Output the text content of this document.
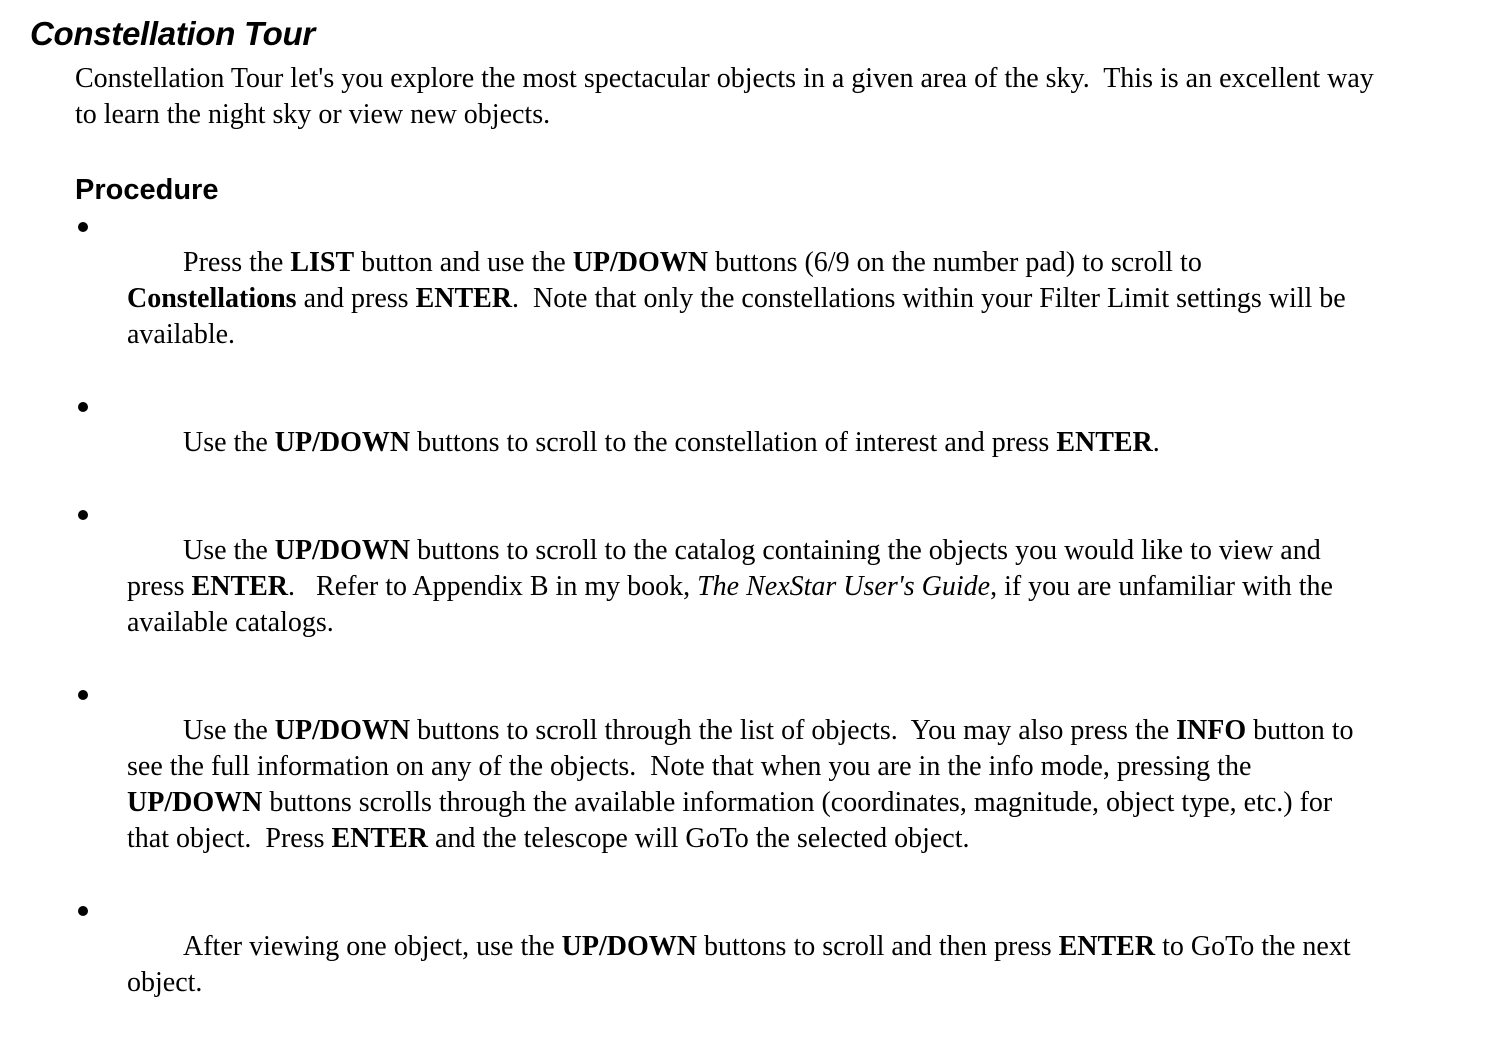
Constellation Tour

Constellation Tour let's you explore the most spectacular objects in a given area of the sky.  This is an excellent way to learn the night sky or view new objects.

Procedure

Press the LIST button and use the UP/DOWN buttons (6/9 on the number pad) to scroll to Constellations and press ENTER.  Note that only the constellations within your Filter Limit settings will be available.

Use the UP/DOWN buttons to scroll to the constellation of interest and press ENTER.

Use the UP/DOWN buttons to scroll to the catalog containing the objects you would like to view and press ENTER.   Refer to Appendix B in my book, The NexStar User's Guide, if you are unfamiliar with the available catalogs.

Use the UP/DOWN buttons to scroll through the list of objects.  You may also press the INFO button to see the full information on any of the objects.  Note that when you are in the info mode, pressing the UP/DOWN buttons scrolls through the available information (coordinates, magnitude, object type, etc.) for that object.  Press ENTER and the telescope will GoTo the selected object.

After viewing one object, use the UP/DOWN buttons to scroll and then press ENTER to GoTo the next object.
